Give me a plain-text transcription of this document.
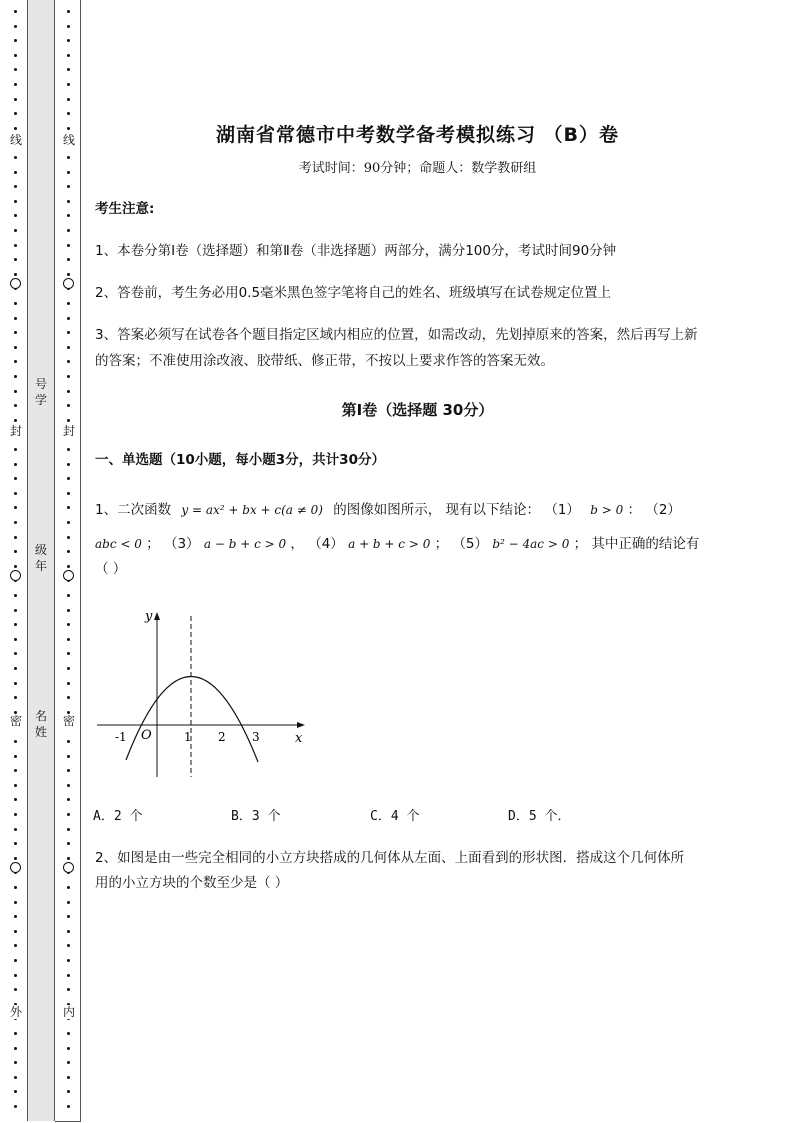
线
封
密
外
号
学
级
年
名
姓
线
封
密
内
湖南省常德市中考数学备考模拟练习 （B）卷
考试时间：90分钟；命题人：数学教研组
考生注意:
1、本卷分第I卷（选择题）和第Ⅱ卷（非选择题）两部分，满分100分，考试时间90分钟
2、答卷前，考生务必用0.5毫米黑色签字笔将自己的姓名、班级填写在试卷规定位置上
3、答案必须写在试卷各个题目指定区域内相应的位置，如需改动，先划掉原来的答案，然后再写上新
的答案；不准使用涂改液、胶带纸、修正带，不按以上要求作答的答案无效。
第I卷（选择题 30分）
一、单选题（10小题，每小题3分，共计30分）
1、二次函数 y = ax² + bx + c(a ≠ 0) 的图像如图所示， 现有以下结论： （1） b > 0 ： （2）
abc < 0 ； （3） a − b + c > 0 ， （4） a + b + c > 0 ； （5） b² − 4ac > 0 ； 其中正确的结论有
（ ）
y
x
O
-1	1 2 3
A．2 个	B．3 个	C．4 个	D．5 个．
2、如图是由一些完全相同的小立方块搭成的几何体从左面、上面看到的形状图．搭成这个几何体所
用的小立方块的个数至少是（ ）
